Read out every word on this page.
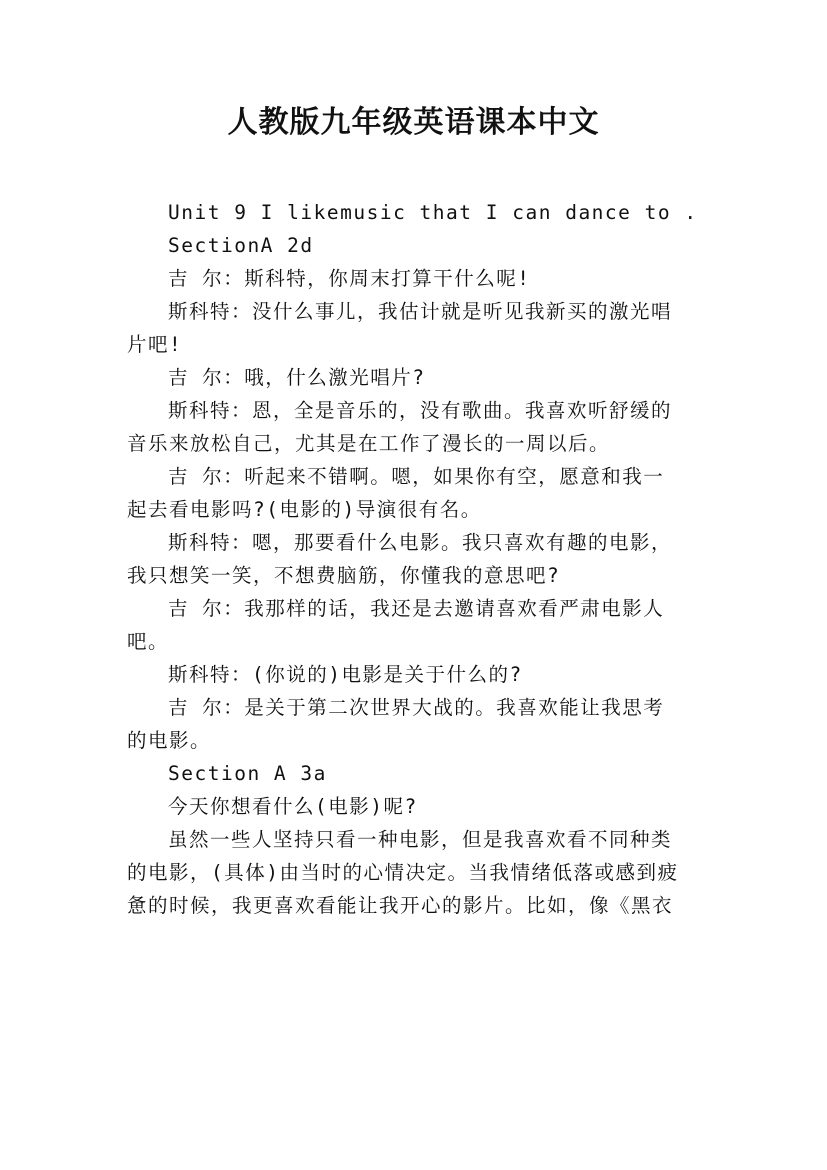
人教版九年级英语课本中文

Unit 9 I likemusic that I can dance to .

SectionA 2d

吉 尔：斯科特，你周末打算干什么呢!

斯科特：没什么事儿，我估计就是听见我新买的激光唱
片吧!

吉 尔：哦，什么激光唱片?

斯科特：恩，全是音乐的，没有歌曲。我喜欢听舒缓的
音乐来放松自己，尤其是在工作了漫长的一周以后。

吉 尔：听起来不错啊。嗯，如果你有空，愿意和我一
起去看电影吗?(电影的)导演很有名。

斯科特：嗯，那要看什么电影。我只喜欢有趣的电影，
我只想笑一笑，不想费脑筋，你懂我的意思吧?

吉 尔：我那样的话，我还是去邀请喜欢看严肃电影人
吧。

斯科特：(你说的)电影是关于什么的?

吉 尔：是关于第二次世界大战的。我喜欢能让我思考
的电影。

Section A 3a

今天你想看什么(电影)呢?

虽然一些人坚持只看一种电影，但是我喜欢看不同种类
的电影，(具体)由当时的心情决定。当我情绪低落或感到疲
惫的时候，我更喜欢看能让我开心的影片。比如，像《黑衣
